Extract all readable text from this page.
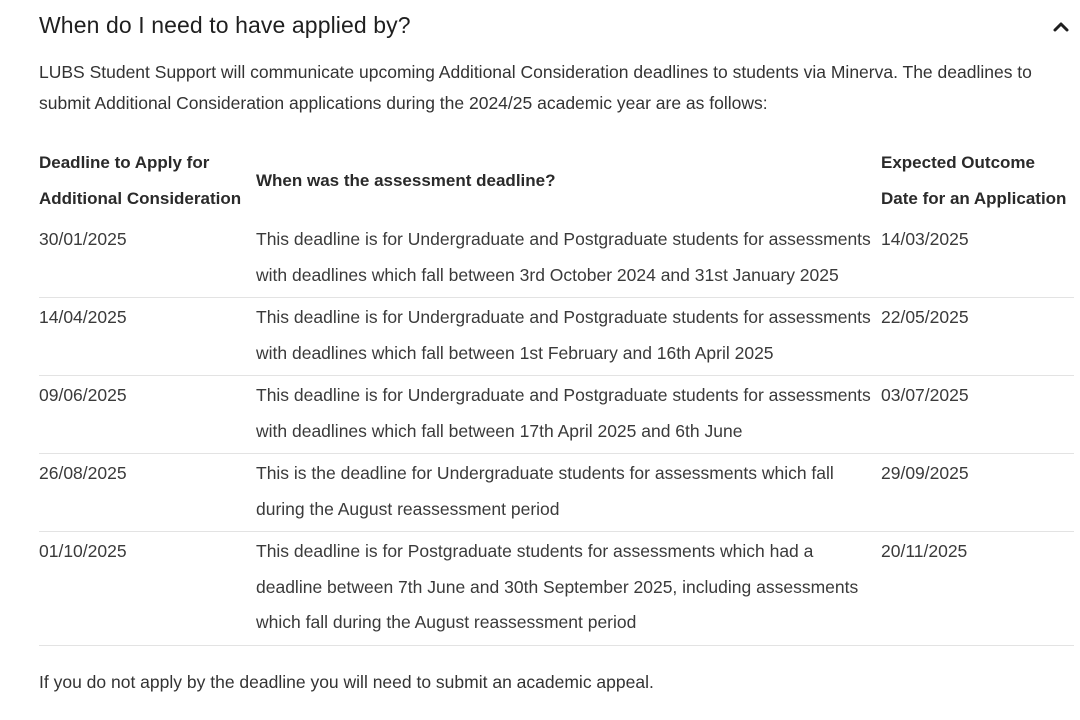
When do I need to have applied by?

LUBS Student Support will communicate upcoming Additional Consideration deadlines to students via Minerva. The deadlines to submit Additional Consideration applications during the 2024/25 academic year are as follows:

Deadline to Apply for Additional Consideration	When was the assessment deadline?	Expected Outcome Date for an Application
30/01/2025	This deadline is for Undergraduate and Postgraduate students for assessments with deadlines which fall between 3rd October 2024 and 31st January 2025	14/03/2025
14/04/2025	This deadline is for Undergraduate and Postgraduate students for assessments with deadlines which fall between 1st February and 16th April 2025	22/05/2025
09/06/2025	This deadline is for Undergraduate and Postgraduate students for assessments with deadlines which fall between 17th April 2025 and 6th June	03/07/2025
26/08/2025	This is the deadline for Undergraduate students for assessments which fall during the August reassessment period	29/09/2025
01/10/2025	This deadline is for Postgraduate students for assessments which had a deadline between 7th June and 30th September 2025, including assessments which fall during the August reassessment period	20/11/2025

If you do not apply by the deadline you will need to submit an academic appeal.
